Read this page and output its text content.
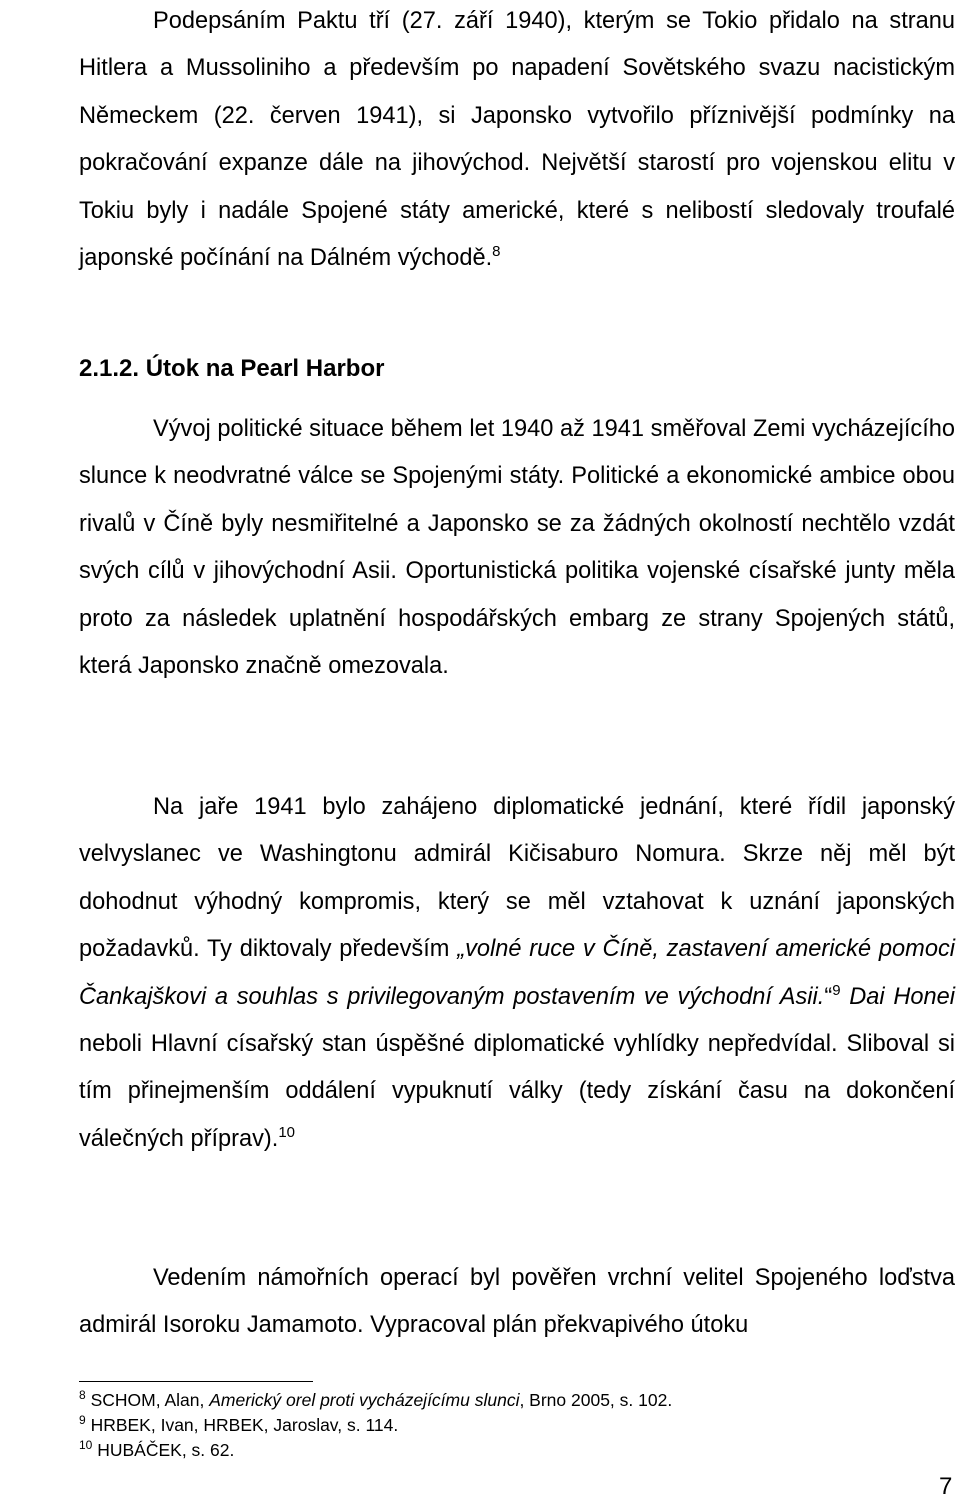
Podepsáním Paktu tří (27. září 1940), kterým se Tokio přidalo na stranu Hitlera a Mussoliniho a především po napadení Sovětského svazu nacistickým Německem (22. červen 1941), si Japonsko vytvořilo příznivější podmínky na pokračování expanze dále na jihovýchod. Největší starostí pro vojenskou elitu v Tokiu byly i nadále Spojené státy americké, které s nelibostí sledovaly troufalé japonské počínání na Dálném východě.$^8$

2.1.2. Útok na Pearl Harbor

Vývoj politické situace během let 1940 až 1941 směřoval Zemi vycházejícího slunce k neodvratné válce se Spojenými státy. Politické a ekonomické ambice obou rivalů v Číně byly nesmiřitelné a Japonsko se za žádných okolností nechtělo vzdát svých cílů v jihovýchodní Asii. Oportunistická politika vojenské císařské junty měla proto za následek uplatnění hospodářských embarg ze strany Spojených států, která Japonsko značně omezovala.

Na jaře 1941 bylo zahájeno diplomatické jednání, které řídil japonský velvyslanec ve Washingtonu admirál Kičisaburo Nomura. Skrze něj měl být dohodnut výhodný kompromis, který se měl vztahovat k uznání japonských požadavků. Ty diktovaly především „volné ruce v Číně, zastavení americké pomoci Čankajškovi a souhlas s privilegovaným postavením ve východní Asii.“$^9$ Dai Honei neboli Hlavní císařský stan úspěšné diplomatické vyhlídky nepředvídal. Sliboval si tím přinejmenším oddálení vypuknutí války (tedy získání času na dokončení válečných příprav).$^{10}$

Vedením námořních operací byl pověřen vrchní velitel Spojeného loďstva admirál Isoroku Jamamoto. Vypracoval plán překvapivého útoku

$^8$ SCHOM, Alan, Americký orel proti vycházejícímu slunci, Brno 2005, s. 102.
$^9$ HRBEK, Ivan, HRBEK, Jaroslav, s. 114.
$^{10}$ HUBÁČEK, s. 62.
7
